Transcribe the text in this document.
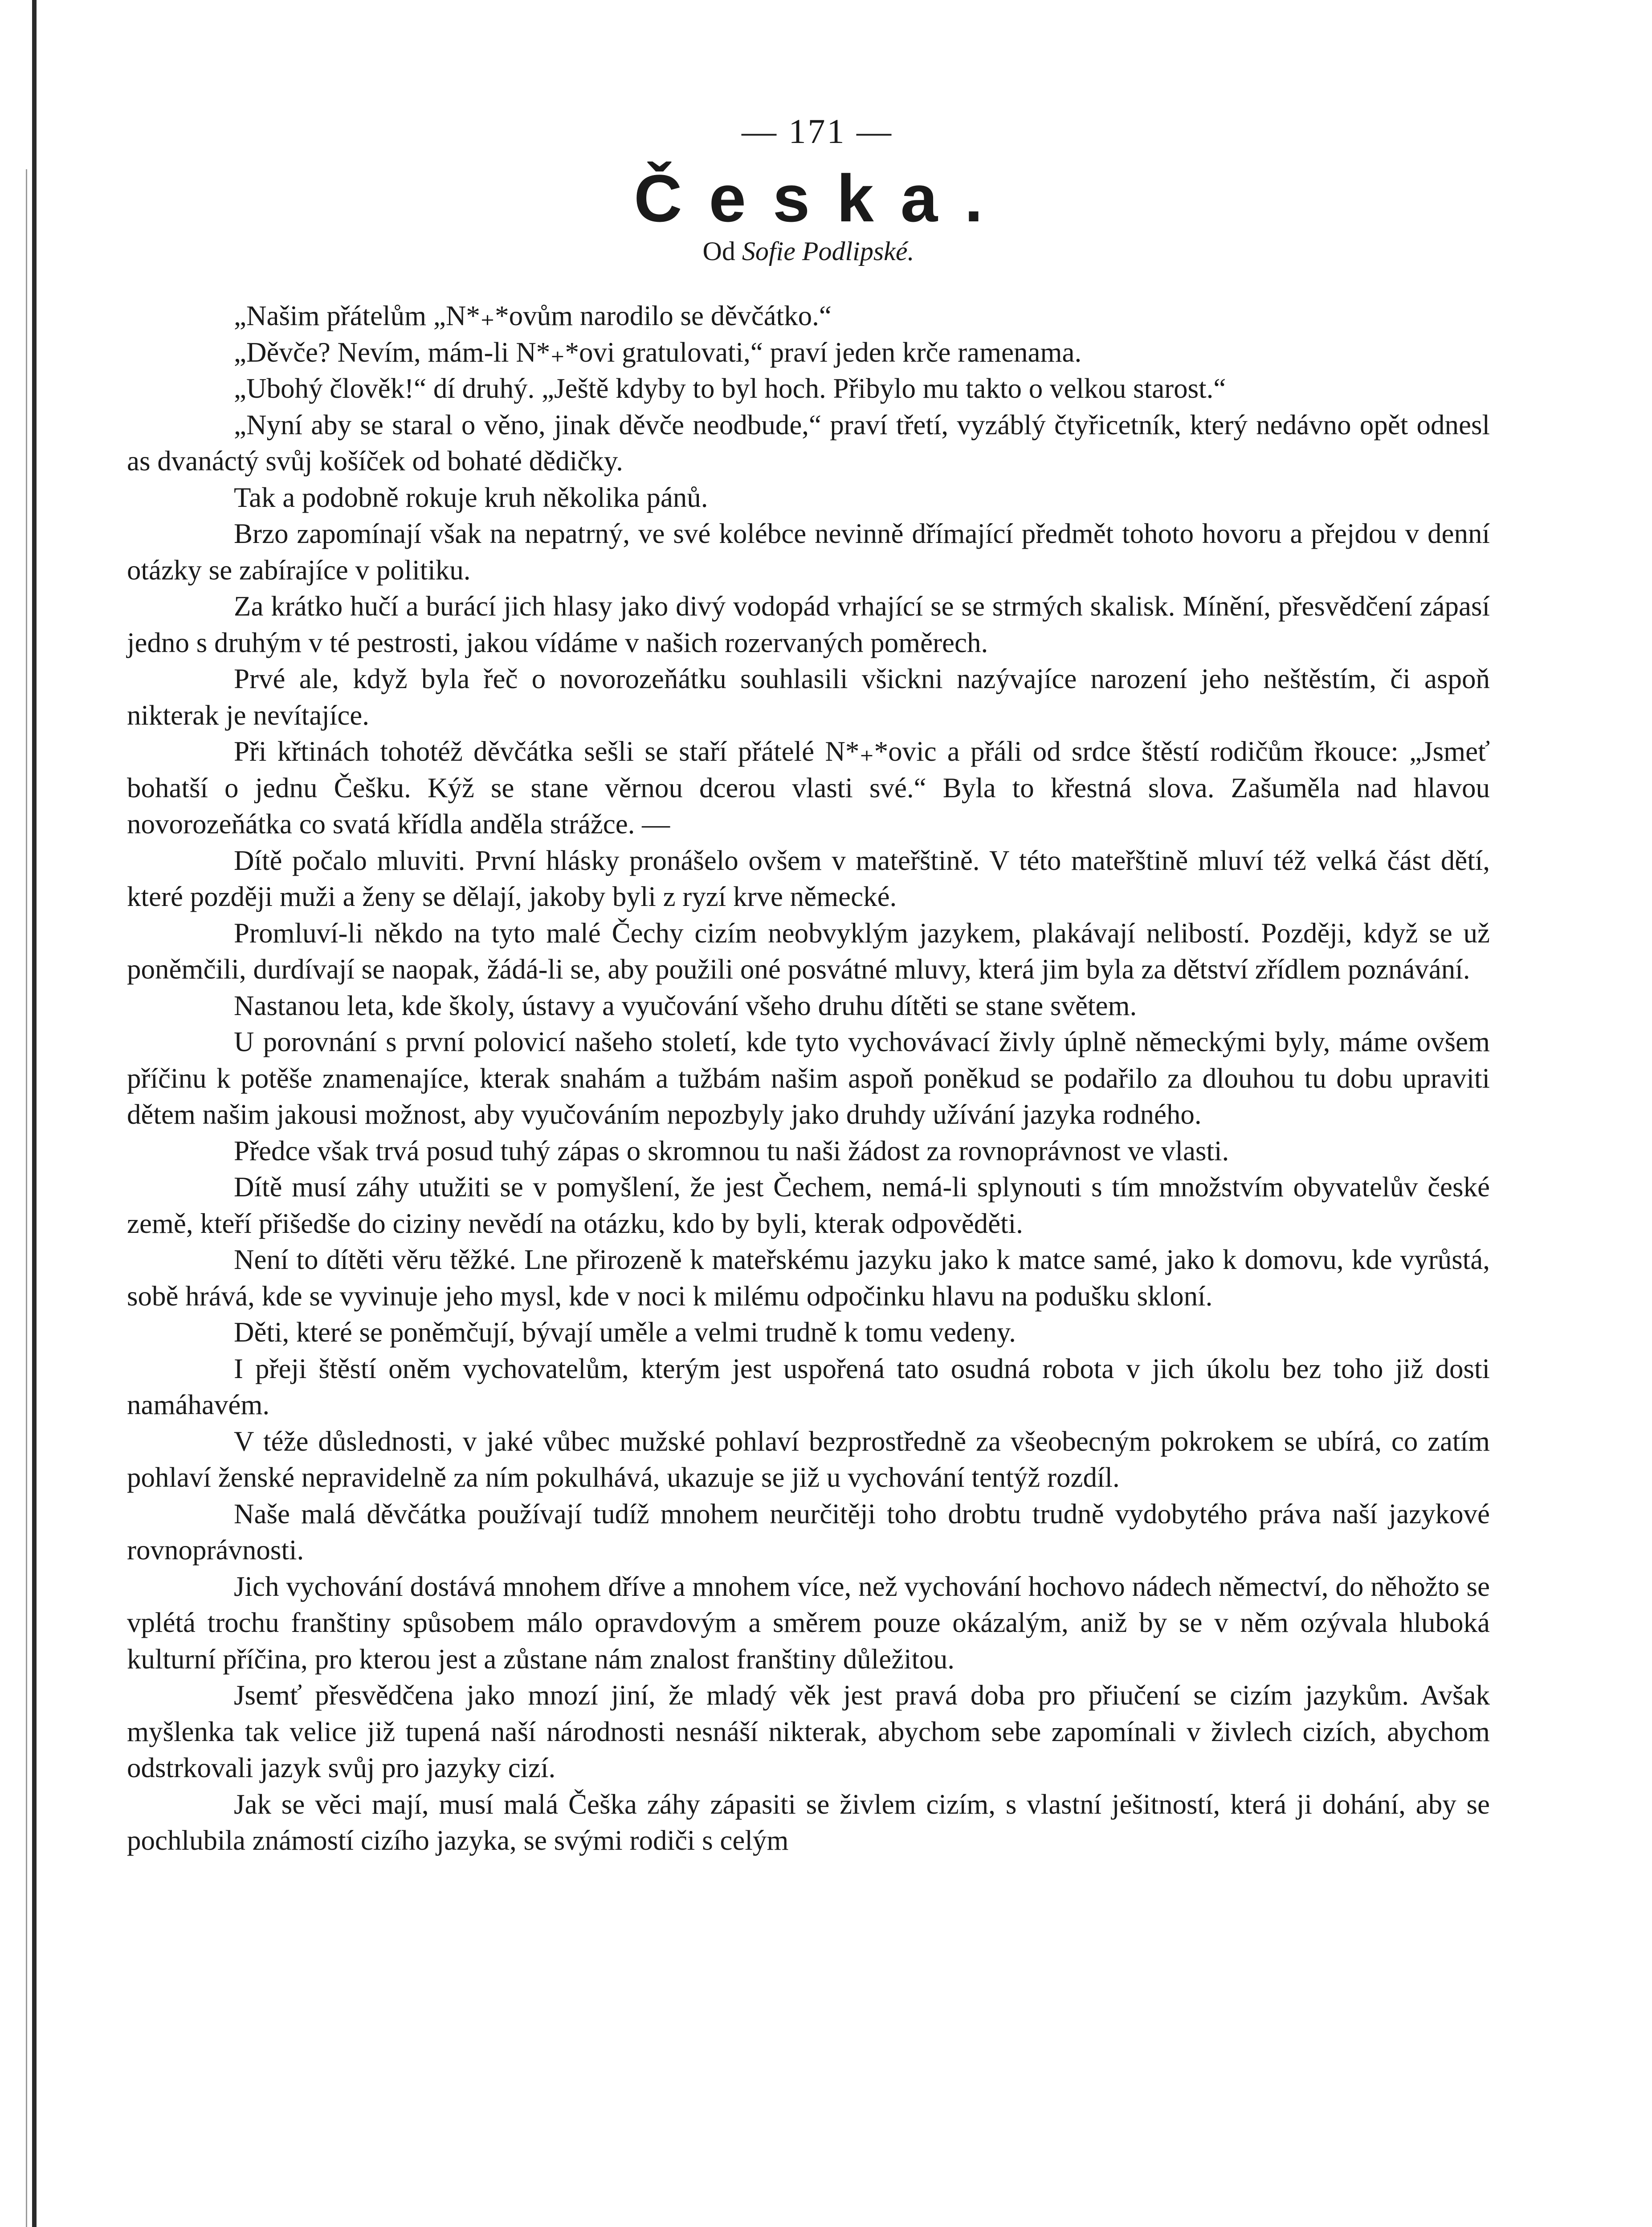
— 171 —
Česka.
Od Sofie Podlipské.

„Našim přátelům „N*₊*ovům narodilo se děvčátko.“

„Děvče? Nevím, mám-li N*₊*ovi gratulovati,“ praví jeden krče ramenama.

„Ubohý člověk!“ dí druhý. „Ještě kdyby to byl hoch. Přibylo mu takto o velkou starost.“

„Nyní aby se staral o věno, jinak děvče neodbude,“ praví třetí, vyzáblý čtyřicetník, který nedávno opět odnesl as dvanáctý svůj košíček od bohaté dědičky.

Tak a podobně rokuje kruh několika pánů.

Brzo zapomínají však na nepatrný, ve své kolébce nevinně dřímající předmět tohoto hovoru a přejdou v denní otázky se zabírajíce v politiku.

Za krátko hučí a burácí jich hlasy jako divý vodopád vrhající se se strmých skalisk. Mínění, přesvědčení zápasí jedno s druhým v té pestrosti, jakou vídáme v našich rozervaných poměrech.

Prvé ale, když byla řeč o novorozeňátku souhlasili všickni nazývajíce narození jeho neštěstím, či aspoň nikterak je nevítajíce.

Při křtinách tohotéž děvčátka sešli se staří přátelé N*₊*ovic a přáli od srdce štěstí rodičům řkouce: „Jsmeť bohatší o jednu Češku. Kýž se stane věrnou dcerou vlasti své.“ Byla to křestná slova. Zašuměla nad hlavou novorozeňátka co svatá křídla anděla strážce. —

Dítě počalo mluviti. První hlásky pronášelo ovšem v mateřštině. V této mateřštině mluví též velká část dětí, které později muži a ženy se dělají, jakoby byli z ryzí krve německé.

Promluví-li někdo na tyto malé Čechy cizím neobvyklým jazykem, plakávají nelibostí. Později, když se už poněmčili, durdívají se naopak, žádá-li se, aby použili oné posvátné mluvy, která jim byla za dětství zřídlem poznávání.

Nastanou leta, kde školy, ústavy a vyučování všeho druhu dítěti se stane světem.

U porovnání s první polovicí našeho století, kde tyto vychovávací živly úplně německými byly, máme ovšem příčinu k potěše znamenajíce, kterak snahám a tužbám našim aspoň poněkud se podařilo za dlouhou tu dobu upraviti dětem našim jakousi možnost, aby vyučováním nepozbyly jako druhdy užívání jazyka rodného.

Předce však trvá posud tuhý zápas o skromnou tu naši žádost za rovnoprávnost ve vlasti.

Dítě musí záhy utužiti se v pomyšlení, že jest Čechem, nemá-li splynouti s tím množstvím obyvatelův české země, kteří přišedše do ciziny nevědí na otázku, kdo by byli, kterak odpověděti.

Není to dítěti věru těžké. Lne přirozeně k mateřskému jazyku jako k matce samé, jako k domovu, kde vyrůstá, sobě hrává, kde se vyvinuje jeho mysl, kde v noci k milému odpočinku hlavu na podušku skloní.

Děti, které se poněmčují, bývají uměle a velmi trudně k tomu vedeny.

I přeji štěstí oněm vychovatelům, kterým jest uspořená tato osudná robota v jich úkolu bez toho již dosti namáhavém.

V téže důslednosti, v jaké vůbec mužské pohlaví bezprostředně za všeobecným pokrokem se ubírá, co zatím pohlaví ženské nepravidelně za ním pokulhává, ukazuje se již u vychování tentýž rozdíl.

Naše malá děvčátka používají tudíž mnohem neurčitěji toho drobtu trudně vydobytého práva naší jazykové rovnoprávnosti.

Jich vychování dostává mnohem dříve a mnohem více, než vychování hochovo nádech němectví, do něhožto se vplétá trochu franštiny spůsobem málo opravdovým a směrem pouze okázalým, aniž by se v něm ozývala hluboká kulturní příčina, pro kterou jest a zůstane nám znalost franštiny důležitou.

Jsemť přesvědčena jako mnozí jiní, že mladý věk jest pravá doba pro přiučení se cizím jazykům. Avšak myšlenka tak velice již tupená naší národnosti nesnáší nikterak, abychom sebe zapomínali v živlech cizích, abychom odstrkovali jazyk svůj pro jazyky cizí.

Jak se věci mají, musí malá Češka záhy zápasiti se živlem cizím, s vlastní ješitností, která ji dohání, aby se pochlubila známostí cizího jazyka, se svými rodiči s celým
